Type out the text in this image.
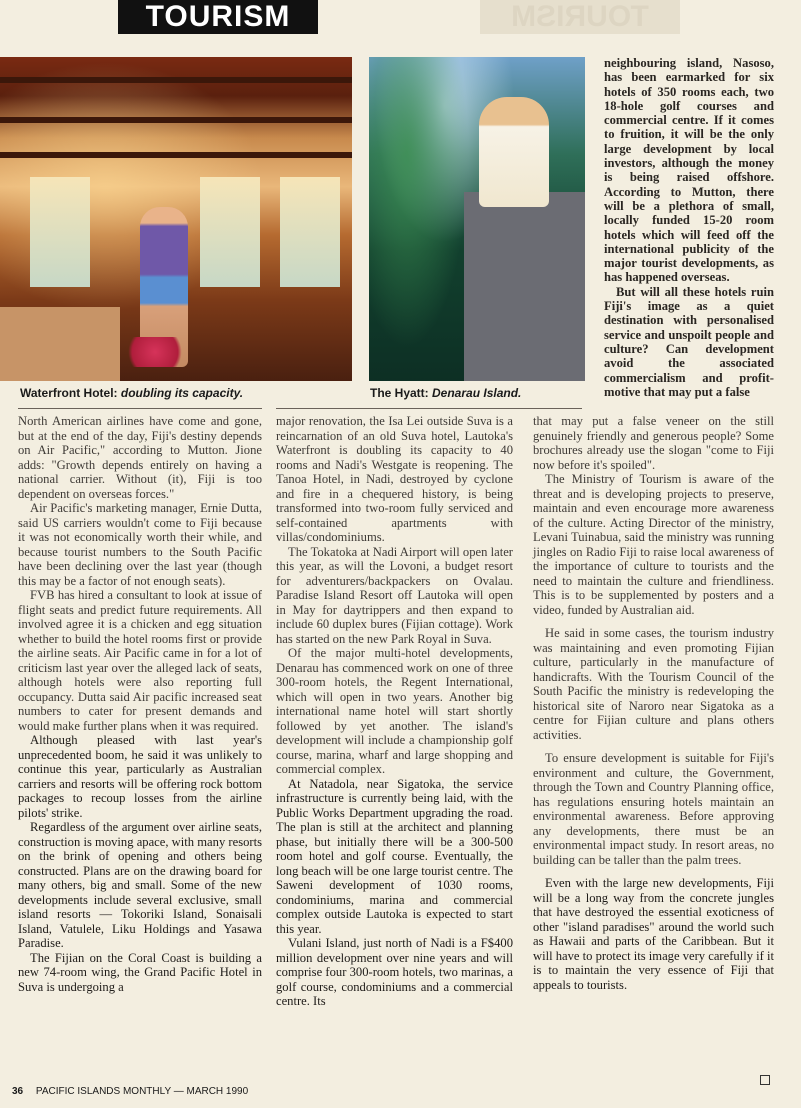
TOURISM	TOURISM
Waterfront Hotel: doubling its capacity.	The Hyatt: Denarau Island.

neighbouring island, Nasoso, has been earmarked for six hotels of 350 rooms each, two 18-hole golf courses and commercial centre. If it comes to fruition, it will be the only large development by local investors, although the money is being raised offshore. According to Mutton, there will be a plethora of small, locally funded 15-20 room hotels which will feed off the international publicity of the major tourist developments, as has happened overseas.

But will all these hotels ruin Fiji's image as a quiet destination with personalised service and unspoilt people and culture? Can development avoid the associated commercialism and profit-motive that may put a false

North American airlines have come and gone, but at the end of the day, Fiji's destiny depends on Air Pacific," according to Mutton. Jione adds: "Growth depends entirely on having a national carrier. Without (it), Fiji is too dependent on overseas forces."

Air Pacific's marketing manager, Ernie Dutta, said US carriers wouldn't come to Fiji because it was not economically worth their while, and because tourist numbers to the South Pacific have been declining over the last year (though this may be a factor of not enough seats).

FVB has hired a consultant to look at issue of flight seats and predict future requirements. All involved agree it is a chicken and egg situation whether to build the hotel rooms first or provide the airline seats. Air Pacific came in for a lot of criticism last year over the alleged lack of seats, although hotels were also reporting full occupancy. Dutta said Air pacific increased seat numbers to cater for present demands and would make further plans when it was required.

Although pleased with last year's unprecedented boom, he said it was unlikely to continue this year, particularly as Australian carriers and resorts will be offering rock bottom packages to recoup losses from the airline pilots' strike.

Regardless of the argument over airline seats, construction is moving apace, with many resorts on the brink of opening and others being constructed. Plans are on the drawing board for many others, big and small. Some of the new developments include several exclusive, small island resorts — Tokoriki Island, Sonaisali Island, Vatulele, Liku Holdings and Yasawa Paradise.

The Fijian on the Coral Coast is building a new 74-room wing, the Grand Pacific Hotel in Suva is undergoing a

major renovation, the Isa Lei outside Suva is a reincarnation of an old Suva hotel, Lautoka's Waterfront is doubling its capacity to 40 rooms and Nadi's Westgate is reopening. The Tanoa Hotel, in Nadi, destroyed by cyclone and fire in a chequered history, is being transformed into two-room fully serviced and self-contained apartments with villas/condominiums.

The Tokatoka at Nadi Airport will open later this year, as will the Lovoni, a budget resort for adventurers/backpackers on Ovalau. Paradise Island Resort off Lautoka will open in May for daytrippers and then expand to include 60 duplex bures (Fijian cottage). Work has started on the new Park Royal in Suva.

Of the major multi-hotel developments, Denarau has commenced work on one of three 300-room hotels, the Regent International, which will open in two years. Another big international name hotel will start shortly followed by yet another. The island's development will include a championship golf course, marina, wharf and large shopping and commercial complex.

At Natadola, near Sigatoka, the service infrastructure is currently being laid, with the Public Works Department upgrading the road. The plan is still at the architect and planning phase, but initially there will be a 300-500 room hotel and golf course. Eventually, the long beach will be one large tourist centre. The Saweni development of 1030 rooms, condominiums, marina and commercial complex outside Lautoka is expected to start this year.

Vulani Island, just north of Nadi is a F$400 million development over nine years and will comprise four 300-room hotels, two marinas, a golf course, condominiums and a commercial centre. Its

that may put a false veneer on the still genuinely friendly and generous people? Some brochures already use the slogan "come to Fiji now before it's spoiled".

The Ministry of Tourism is aware of the threat and is developing projects to preserve, maintain and even encourage more awareness of the culture. Acting Director of the ministry, Levani Tuinabua, said the ministry was running jingles on Radio Fiji to raise local awareness of the importance of culture to tourists and the need to maintain the culture and friendliness. This is to be supplemented by posters and a video, funded by Australian aid.

He said in some cases, the tourism industry was maintaining and even promoting Fijian culture, particularly in the manufacture of handicrafts. With the Tourism Council of the South Pacific the ministry is redeveloping the historical site of Naroro near Sigatoka as a centre for Fijian culture and plans others activities.

To ensure development is suitable for Fiji's environment and culture, the Government, through the Town and Country Planning office, has regulations ensuring hotels maintain an environmental awareness. Before approving any developments, there must be an environmental impact study. In resort areas, no building can be taller than the palm trees.

Even with the large new developments, Fiji will be a long way from the concrete jungles that have destroyed the essential exoticness of other "island paradises" around the world such as Hawaii and parts of the Caribbean. But it will have to protect its image very carefully if it is to maintain the very essence of Fiji that appeals to tourists.

36 PACIFIC ISLANDS MONTHLY — MARCH 1990
